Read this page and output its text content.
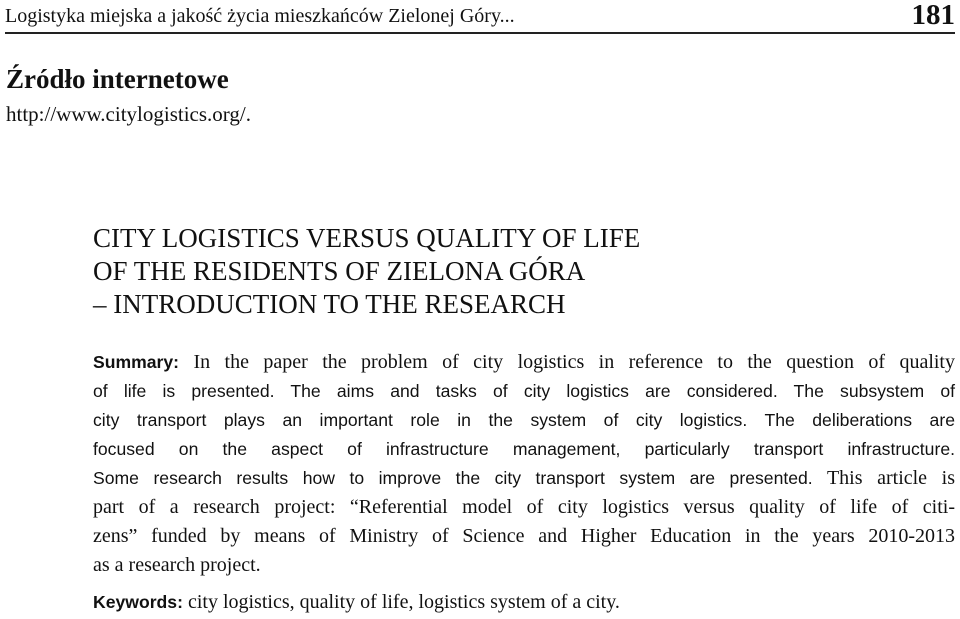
Logistyka miejska a jakość życia mieszkańców Zielonej Góry...	181
Źródło internetowe
http://www.citylogistics.org/.
CITY LOGISTICS VERSUS QUALITY OF LIFE
OF THE RESIDENTS OF ZIELONA GÓRA
– INTRODUCTION TO THE RESEARCH
Summary: In the paper the problem of city logistics in reference to the question of quality
of life is presented. The aims and tasks of city logistics are considered. The subsystem of
city transport plays an important role in the system of city logistics. The deliberations are
focused on the aspect of infrastructure management, particularly transport infrastructure.
Some research results how to improve the city transport system are presented. This article is
part of a research project: “Referential model of city logistics versus quality of life of citi-
zens” funded by means of Ministry of Science and Higher Education in the years 2010-2013
as a research project.
Keywords: city logistics, quality of life, logistics system of a city.
